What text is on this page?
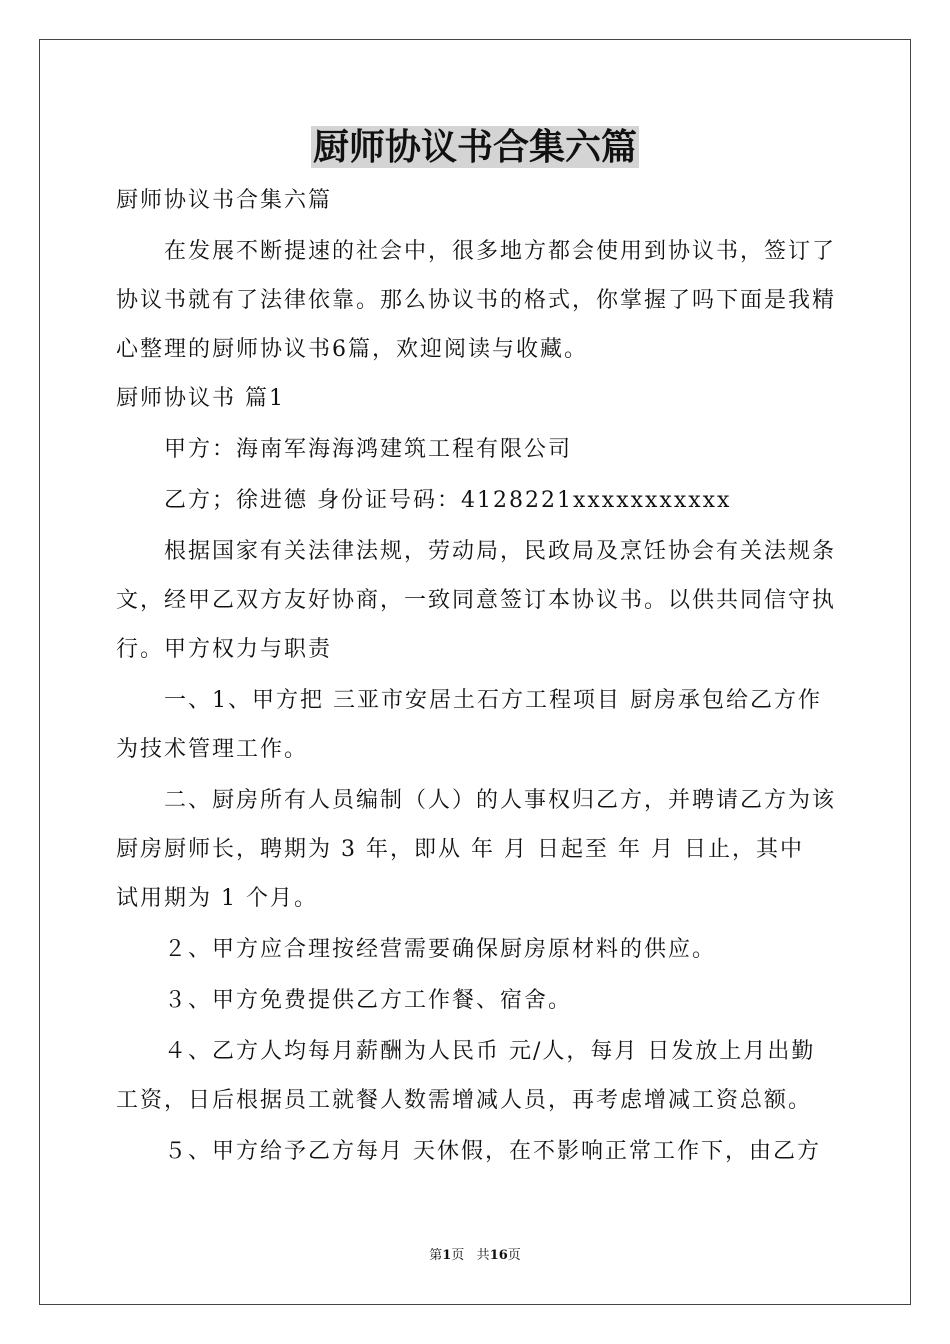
厨师协议书合集六篇
厨师协议书合集六篇
在发展不断提速的社会中，很多地方都会使用到协议书，签订了
协议书就有了法律依靠。那么协议书的格式，你掌握了吗下面是我精
心整理的厨师协议书6篇，欢迎阅读与收藏。
厨师协议书 篇1
甲方：海南军海海鸿建筑工程有限公司
乙方；徐进德 身份证号码：4128221xxxxxxxxxxx
根据国家有关法律法规，劳动局，民政局及烹饪协会有关法规条
文，经甲乙双方友好协商，一致同意签订本协议书。以供共同信守执
行。甲方权力与职责
一、1、甲方把 三亚市安居土石方工程项目 厨房承包给乙方作
为技术管理工作。
二、厨房所有人员编制（人）的人事权归乙方，并聘请乙方为该
厨房厨师长，聘期为 3 年，即从 年 月 日起至 年 月 日止，其中
试用期为 1 个月。
２、甲方应合理按经营需要确保厨房原材料的供应。
３、甲方免费提供乙方工作餐、宿舍。
４、乙方人均每月薪酬为人民币 元/人，每月 日发放上月出勤
工资，日后根据员工就餐人数需增减人员，再考虑增减工资总额。
５、甲方给予乙方每月 天休假，在不影响正常工作下，由乙方
第1页 共16页
